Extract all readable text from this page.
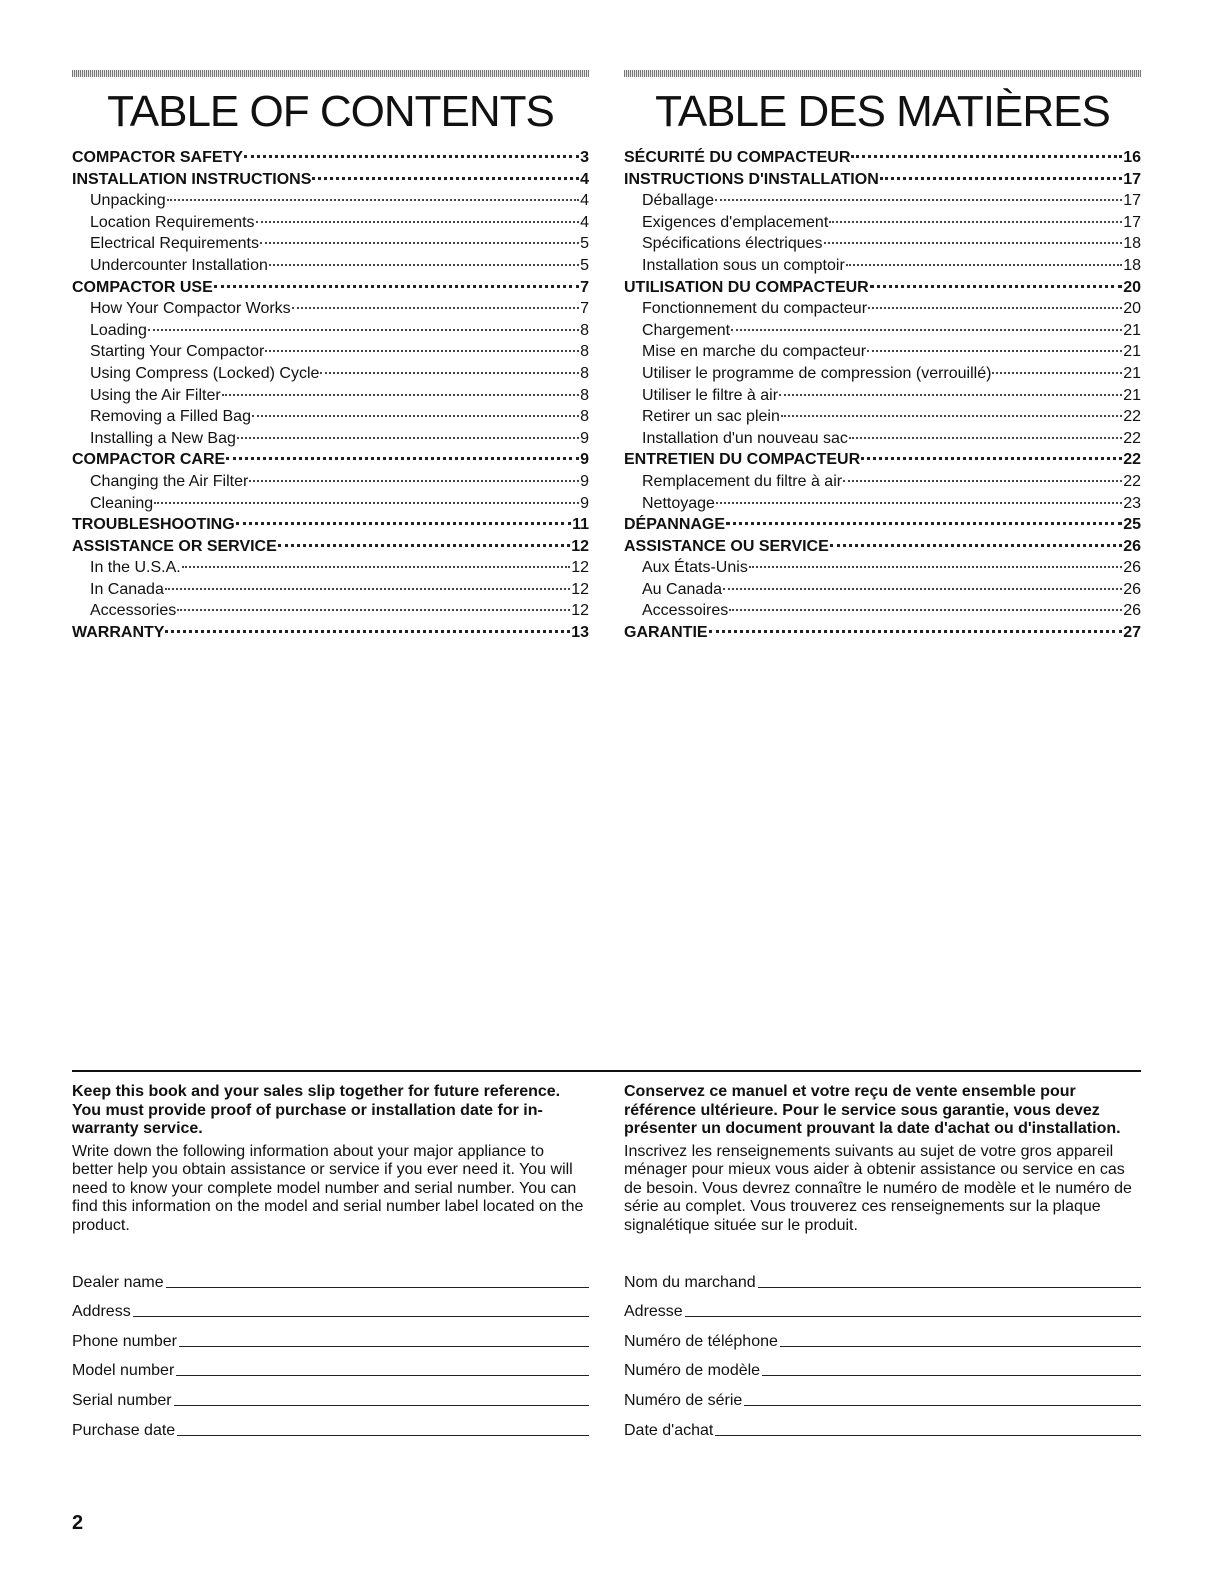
TABLE OF CONTENTS
COMPACTOR SAFETY	3
INSTALLATION INSTRUCTIONS	4
Unpacking	4
Location Requirements	4
Electrical Requirements	5
Undercounter Installation	5
COMPACTOR USE	7
How Your Compactor Works	7
Loading	8
Starting Your Compactor	8
Using Compress (Locked) Cycle	8
Using the Air Filter	8
Removing a Filled Bag	8
Installing a New Bag	9
COMPACTOR CARE	9
Changing the Air Filter	9
Cleaning	9
TROUBLESHOOTING	11
ASSISTANCE OR SERVICE	12
In the U.S.A.	12
In Canada	12
Accessories	12
WARRANTY	13
TABLE DES MATIÈRES
SÉCURITÉ DU COMPACTEUR	16
INSTRUCTIONS D'INSTALLATION	17
Déballage	17
Exigences d'emplacement	17
Spécifications électriques	18
Installation sous un comptoir	18
UTILISATION DU COMPACTEUR	20
Fonctionnement du compacteur	20
Chargement	21
Mise en marche du compacteur	21
Utiliser le programme de compression (verrouillé)	21
Utiliser le filtre à air	21
Retirer un sac plein	22
Installation d'un nouveau sac	22
ENTRETIEN DU COMPACTEUR	22
Remplacement du filtre à air	22
Nettoyage	23
DÉPANNAGE	25
ASSISTANCE OU SERVICE	26
Aux États-Unis	26
Au Canada	26
Accessoires	26
GARANTIE	27

Keep this book and your sales slip together for future reference. You must provide proof of purchase or installation date for in-warranty service.

Write down the following information about your major appliance to better help you obtain assistance or service if you ever need it. You will need to know your complete model number and serial number. You can find this information on the model and serial number label located on the product.

Dealer name
Address
Phone number
Model number
Serial number
Purchase date

Conservez ce manuel et votre reçu de vente ensemble pour référence ultérieure. Pour le service sous garantie, vous devez présenter un document prouvant la date d'achat ou d'installation.

Inscrivez les renseignements suivants au sujet de votre gros appareil ménager pour mieux vous aider à obtenir assistance ou service en cas de besoin. Vous devrez connaître le numéro de modèle et le numéro de série au complet. Vous trouverez ces renseignements sur la plaque signalétique située sur le produit.

Nom du marchand
Adresse
Numéro de téléphone
Numéro de modèle
Numéro de série
Date d'achat
2
